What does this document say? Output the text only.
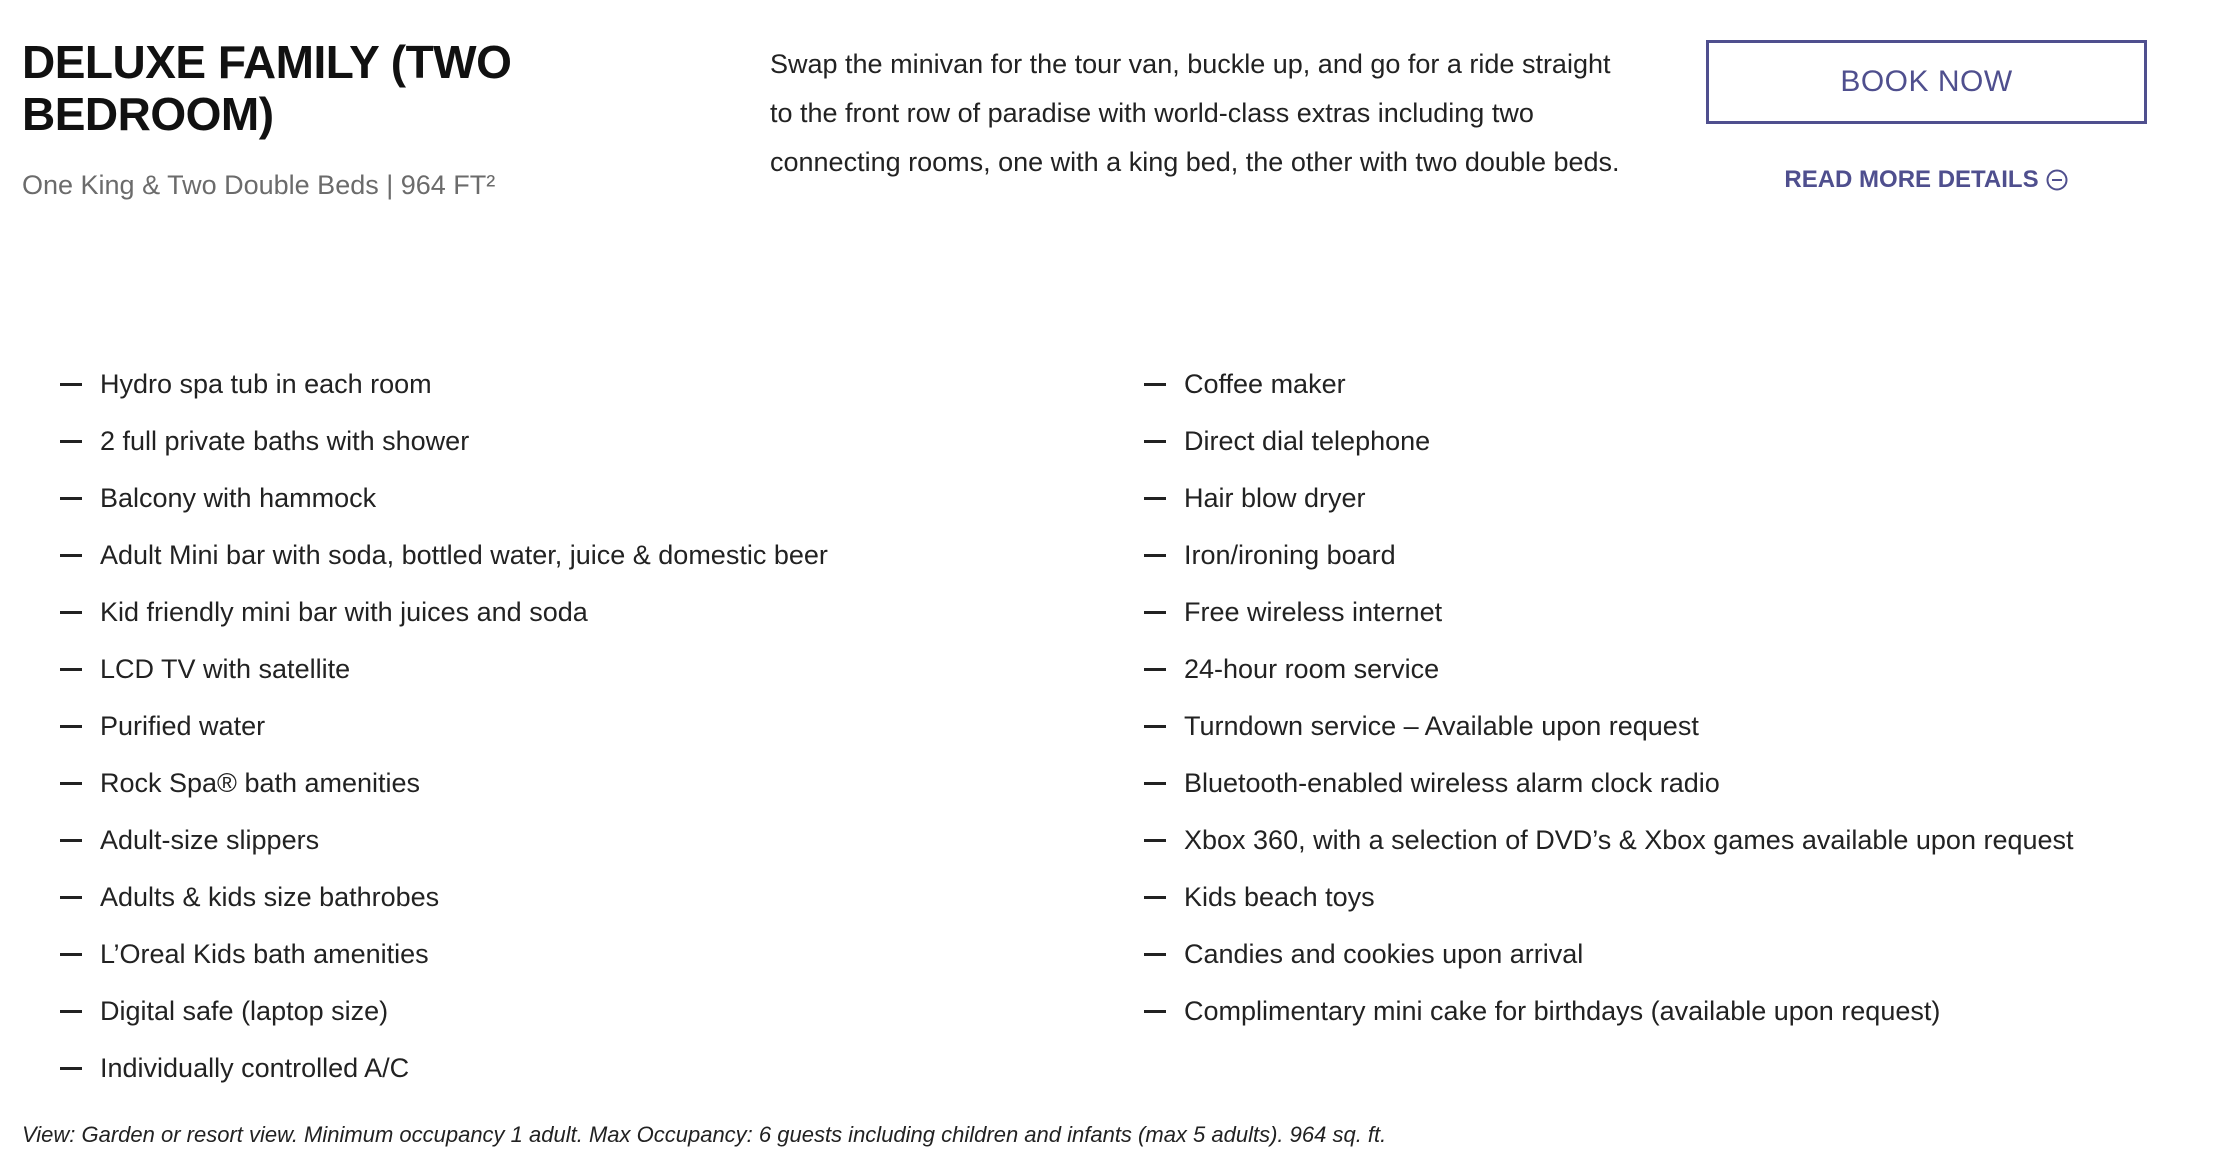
DELUXE FAMILY (TWO BEDROOM)

One King & Two Double Beds | 964 FT²

Swap the minivan for the tour van, buckle up, and go for a ride straight to the front row of paradise with world-class extras including two connecting rooms, one with a king bed, the other with two double beds.

BOOK NOW
READ MORE DETAILS
Hydro spa tub in each room
2 full private baths with shower
Balcony with hammock
Adult Mini bar with soda, bottled water, juice & domestic beer
Kid friendly mini bar with juices and soda
LCD TV with satellite
Purified water
Rock Spa® bath amenities
Adult-size slippers
Adults & kids size bathrobes
L’Oreal Kids bath amenities
Digital safe (laptop size)
Individually controlled A/C
Coffee maker
Direct dial telephone
Hair blow dryer
Iron/ironing board
Free wireless internet
24-hour room service
Turndown service – Available upon request
Bluetooth-enabled wireless alarm clock radio
Xbox 360, with a selection of DVD’s & Xbox games available upon request
Kids beach toys
Candies and cookies upon arrival
Complimentary mini cake for birthdays (available upon request)

View: Garden or resort view. Minimum occupancy 1 adult. Max Occupancy: 6 guests including children and infants (max 5 adults). 964 sq. ft.
